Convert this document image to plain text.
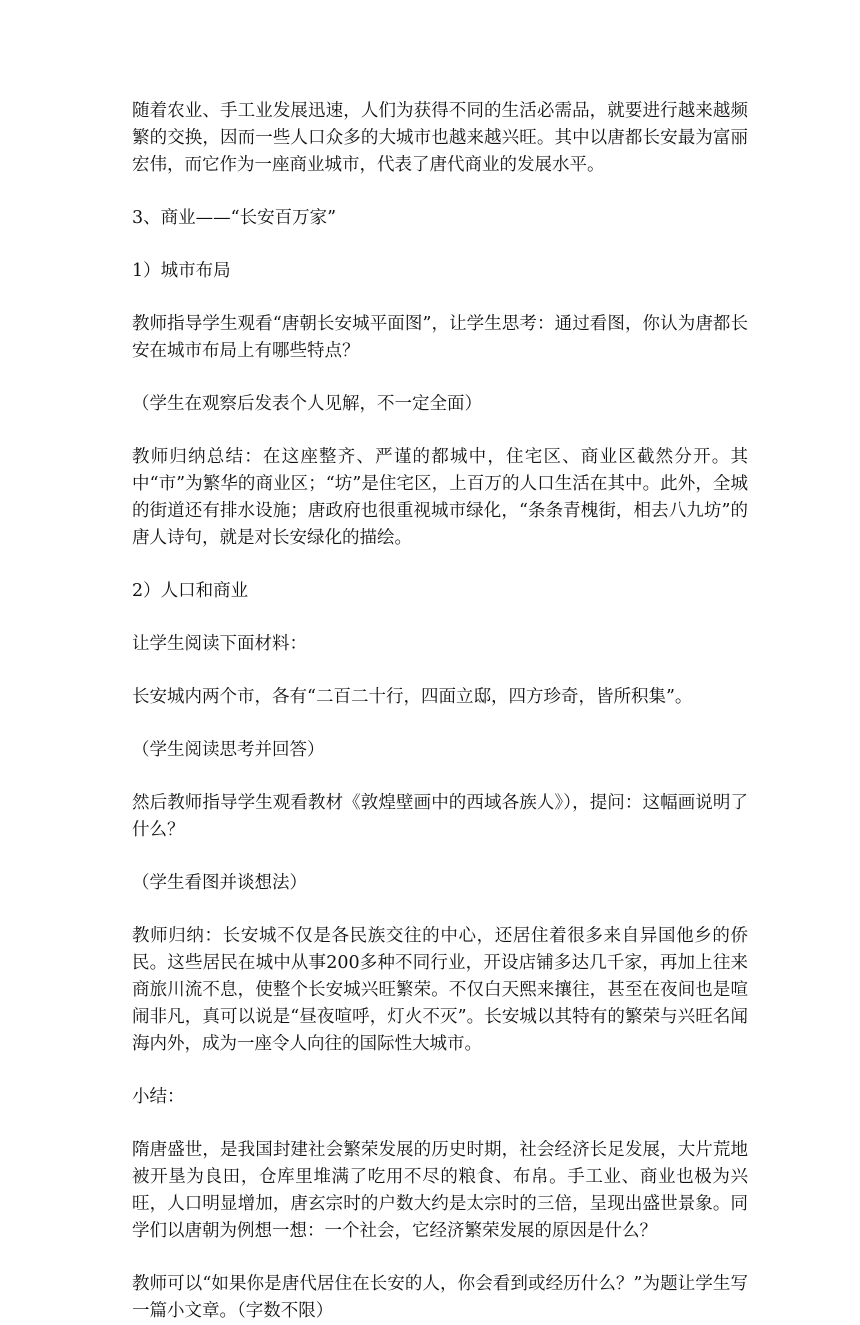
随着农业、手工业发展迅速，人们为获得不同的生活必需品，就要进行越来越频繁的交换，因而一些人口众多的大城市也越来越兴旺。其中以唐都长安最为富丽宏伟，而它作为一座商业城市，代表了唐代商业的发展水平。

3、商业——“长安百万家”

1）城市布局

教师指导学生观看“唐朝长安城平面图”，让学生思考：通过看图，你认为唐都长安在城市布局上有哪些特点？

（学生在观察后发表个人见解，不一定全面）

教师归纳总结：在这座整齐、严谨的都城中，住宅区、商业区截然分开。其中“市”为繁华的商业区；“坊”是住宅区，上百万的人口生活在其中。此外，全城的街道还有排水设施；唐政府也很重视城市绿化，“条条青槐街，相去八九坊”的唐人诗句，就是对长安绿化的描绘。

2）人口和商业

让学生阅读下面材料：

长安城内两个市，各有“二百二十行，四面立邸，四方珍奇，皆所积集”。

（学生阅读思考并回答）

然后教师指导学生观看教材《敦煌壁画中的西域各族人》），提问：这幅画说明了什么？

（学生看图并谈想法）

教师归纳：长安城不仅是各民族交往的中心，还居住着很多来自异国他乡的侨民。这些居民在城中从事200多种不同行业，开设店铺多达几千家，再加上往来商旅川流不息，使整个长安城兴旺繁荣。不仅白天熙来攘往，甚至在夜间也是喧闹非凡，真可以说是“昼夜喧呼，灯火不灭”。长安城以其特有的繁荣与兴旺名闻海内外，成为一座令人向往的国际性大城市。

小结：

隋唐盛世，是我国封建社会繁荣发展的历史时期，社会经济长足发展，大片荒地被开垦为良田，仓库里堆满了吃用不尽的粮食、布帛。手工业、商业也极为兴旺，人口明显增加，唐玄宗时的户数大约是太宗时的三倍，呈现出盛世景象。同学们以唐朝为例想一想：一个社会，它经济繁荣发展的原因是什么？

教师可以“如果你是唐代居住在长安的人，你会看到或经历什么？”为题让学生写一篇小文章。（字数不限）
